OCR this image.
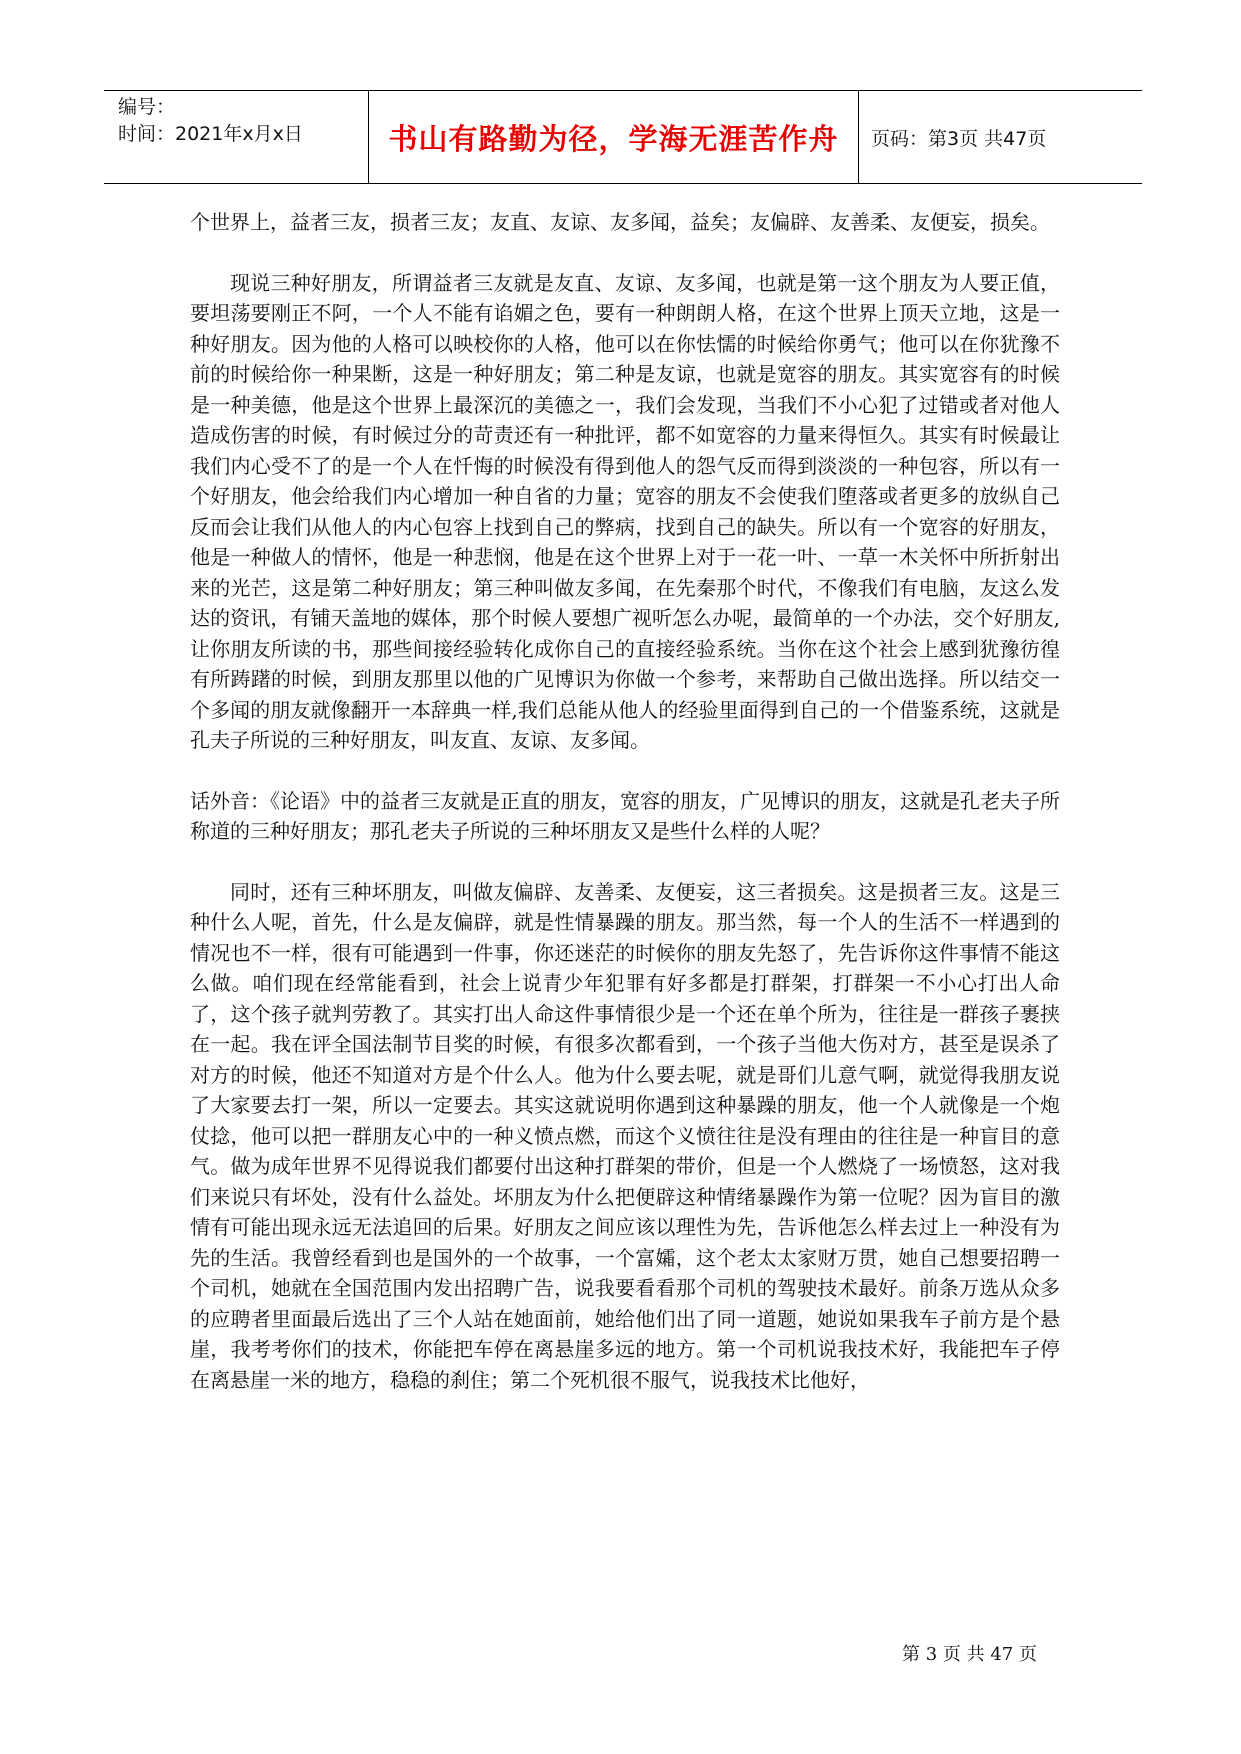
编号：
时间：2021年x月x日	书山有路勤为径，学海无涯苦作舟 页码：第3页 共47页

个世界上，益者三友，损者三友；友直、友谅、友多闻，益矣；友偏辟、友善柔、友便妄，损矣。

现说三种好朋友，所谓益者三友就是友直、友谅、友多闻，也就是第一这个朋友为人要正值，要坦荡要刚正不阿，一个人不能有谄媚之色，要有一种朗朗人格，在这个世界上顶天立地，这是一种好朋友。因为他的人格可以映校你的人格，他可以在你怯懦的时候给你勇气；他可以在你犹豫不前的时候给你一种果断，这是一种好朋友；第二种是友谅，也就是宽容的朋友。其实宽容有的时候是一种美德，他是这个世界上最深沉的美德之一，我们会发现，当我们不小心犯了过错或者对他人造成伤害的时候，有时候过分的苛责还有一种批评，都不如宽容的力量来得恒久。其实有时候最让我们内心受不了的是一个人在忏悔的时候没有得到他人的怨气反而得到淡淡的一种包容，所以有一个好朋友，他会给我们内心增加一种自省的力量；宽容的朋友不会使我们堕落或者更多的放纵自己反而会让我们从他人的内心包容上找到自己的弊病，找到自己的缺失。所以有一个宽容的好朋友，他是一种做人的情怀，他是一种悲悯，他是在这个世界上对于一花一叶、一草一木关怀中所折射出来的光芒，这是第二种好朋友；第三种叫做友多闻，在先秦那个时代，不像我们有电脑，友这么发达的资讯，有铺天盖地的媒体，那个时候人要想广视听怎么办呢，最简单的一个办法，交个好朋友,让你朋友所读的书，那些间接经验转化成你自己的直接经验系统。当你在这个社会上感到犹豫彷徨有所踌躇的时候，到朋友那里以他的广见博识为你做一个参考，来帮助自己做出选择。所以结交一个多闻的朋友就像翻开一本辞典一样,我们总能从他人的经验里面得到自己的一个借鉴系统，这就是孔夫子所说的三种好朋友，叫友直、友谅、友多闻。

话外音：《论语》中的益者三友就是正直的朋友，宽容的朋友，广见博识的朋友，这就是孔老夫子所称道的三种好朋友；那孔老夫子所说的三种坏朋友又是些什么样的人呢？

同时，还有三种坏朋友，叫做友偏辟、友善柔、友便妄，这三者损矣。这是损者三友。这是三种什么人呢，首先，什么是友偏辟，就是性情暴躁的朋友。那当然，每一个人的生活不一样遇到的情况也不一样，很有可能遇到一件事，你还迷茫的时候你的朋友先怒了，先告诉你这件事情不能这么做。咱们现在经常能看到，社会上说青少年犯罪有好多都是打群架，打群架一不小心打出人命了，这个孩子就判劳教了。其实打出人命这件事情很少是一个还在单个所为，往往是一群孩子裹挟在一起。我在评全国法制节目奖的时候，有很多次都看到，一个孩子当他大伤对方，甚至是误杀了对方的时候，他还不知道对方是个什么人。他为什么要去呢，就是哥们儿意气啊，就觉得我朋友说了大家要去打一架，所以一定要去。其实这就说明你遇到这种暴躁的朋友，他一个人就像是一个炮仗捻，他可以把一群朋友心中的一种义愤点燃，而这个义愤往往是没有理由的往往是一种盲目的意气。做为成年世界不见得说我们都要付出这种打群架的带价，但是一个人燃烧了一场愤怒，这对我们来说只有坏处，没有什么益处。坏朋友为什么把便辟这种情绪暴躁作为第一位呢？因为盲目的激情有可能出现永远无法追回的后果。好朋友之间应该以理性为先，告诉他怎么样去过上一种没有为先的生活。我曾经看到也是国外的一个故事，一个富孀，这个老太太家财万贯，她自己想要招聘一个司机，她就在全国范围内发出招聘广告，说我要看看那个司机的驾驶技术最好。前条万选从众多的应聘者里面最后选出了三个人站在她面前，她给他们出了同一道题，她说如果我车子前方是个悬崖，我考考你们的技术，你能把车停在离悬崖多远的地方。第一个司机说我技术好，我能把车子停在离悬崖一米的地方，稳稳的刹住；第二个死机很不服气，说我技术比他好，

第 3 页 共 47 页
